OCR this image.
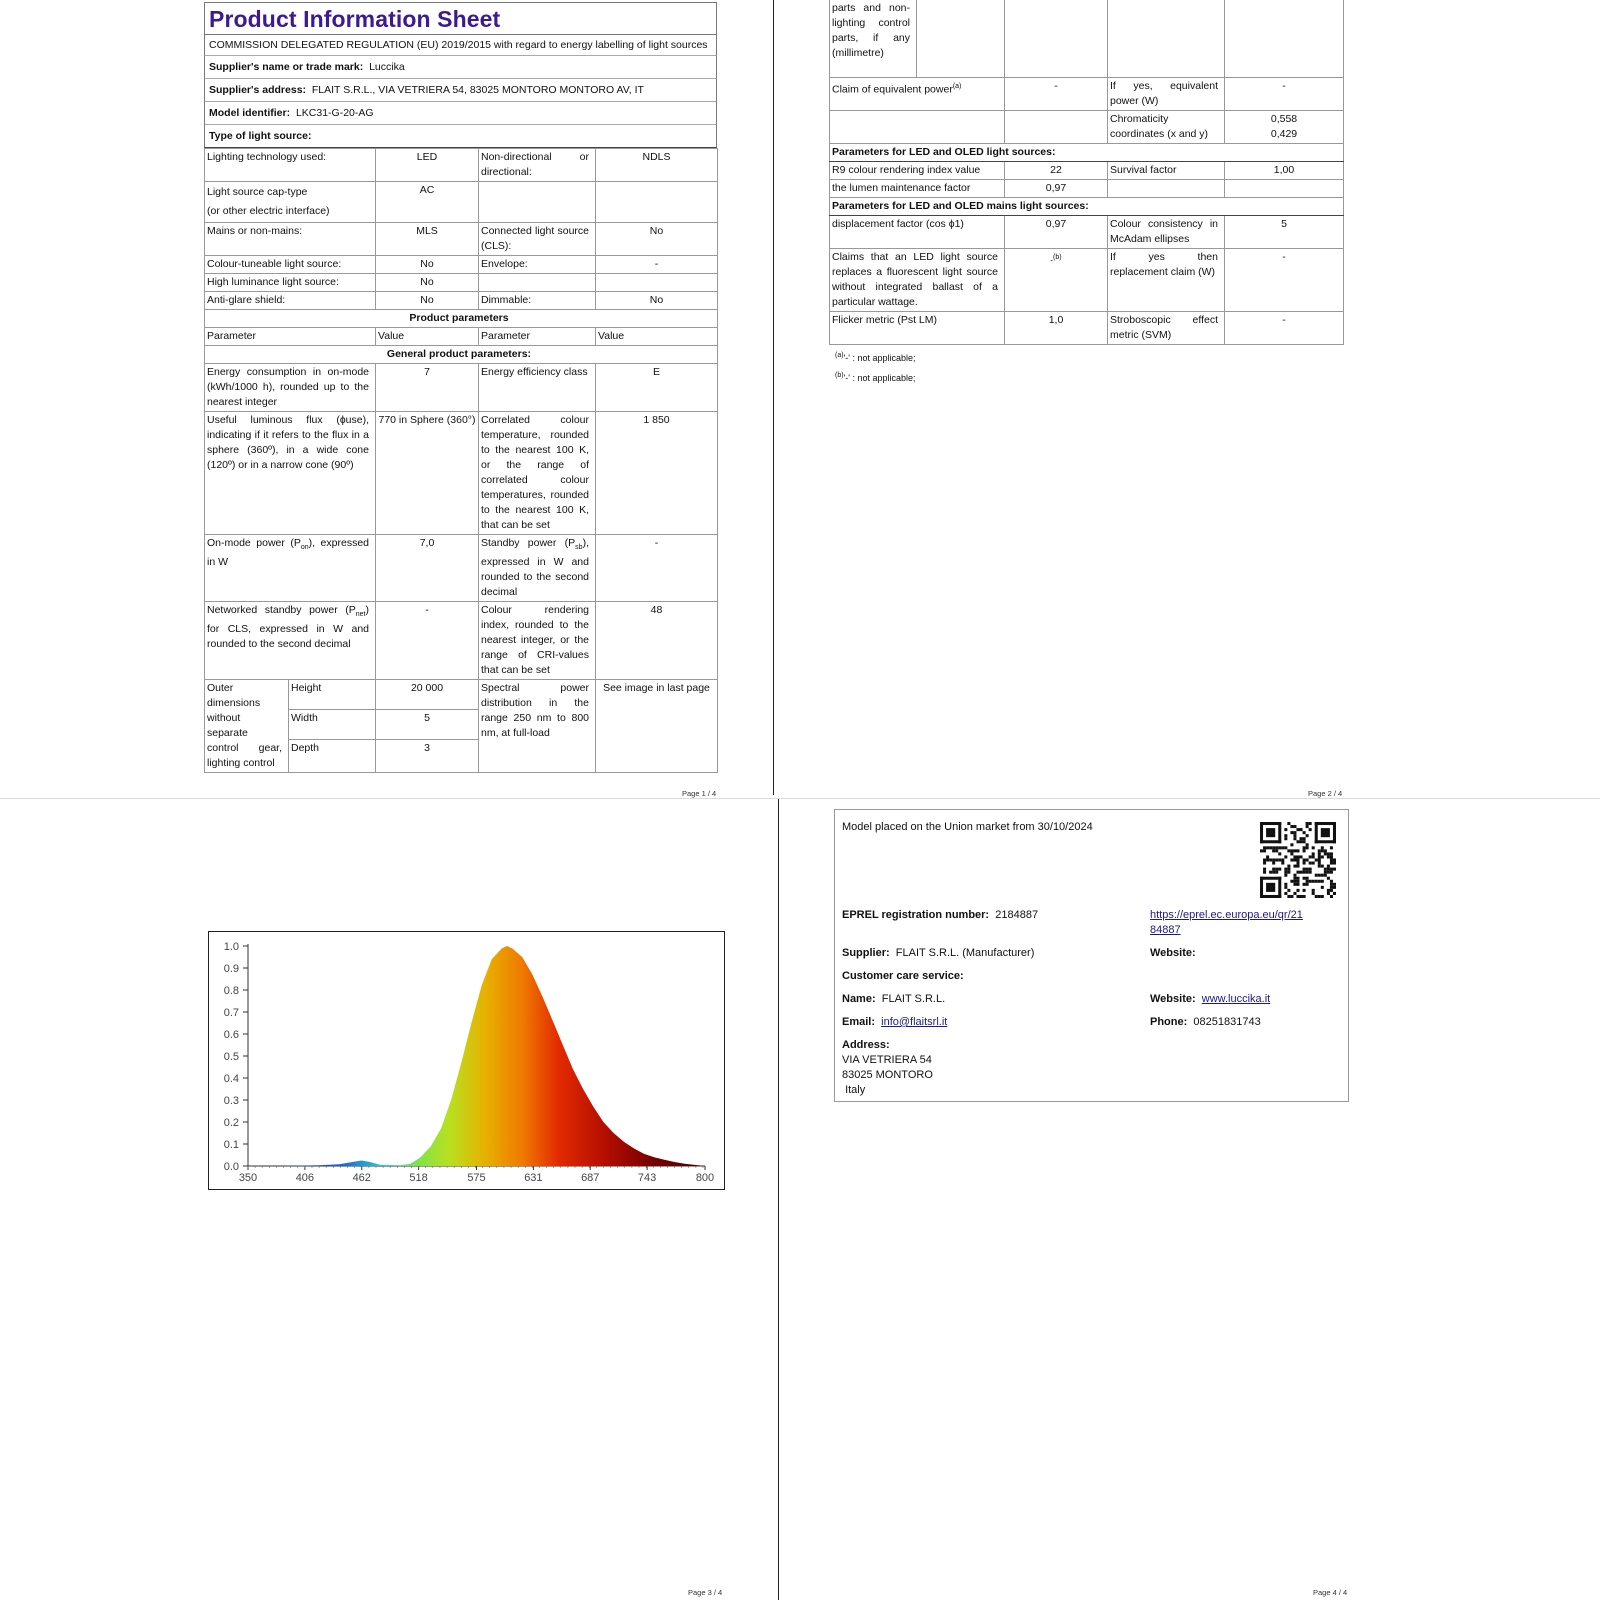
Product Information Sheet
COMMISSION DELEGATED REGULATION (EU) 2019/2015 with regard to energy labelling of light sources
Supplier's name or trade mark: Luccika
Supplier's address: FLAIT S.R.L., VIA VETRIERA 54, 83025 MONTORO MONTORO AV, IT
Model identifier: LKC31-G-20-AG
Type of light source:
Lighting technology used:		LED	Non-directional or directional:	NDLS
Light source cap-type
(or other electric interface)		AC		
Mains or non-mains:		MLS	Connected light source (CLS):	No
Colour-tuneable light source:		No	Envelope:	-
High luminance light source:		No		
Anti-glare shield:		No	Dimmable:	No
Product parameters				
Parameter		Value	Parameter	Value
General product parameters:				
Energy consumption in on-mode (kWh/1000 h), rounded up to the nearest integer		7	Energy efficiency class	E
Useful luminous flux (ɸuse), indicating if it refers to the flux in a sphere (360º), in a wide cone (120º) or in a narrow cone (90º)		770 in Sphere (360°)	Correlated colour temperature, rounded to the nearest 100 K, or the range of correlated colour temperatures, rounded to the nearest 100 K, that can be set	1 850
On-mode power $(P_{on})$, expressed in W		7,0	Standby power $(P_{sb})$, expressed in W and rounded to the second decimal	-
Networked standby power $(P_{net})$ for CLS, expressed in W and rounded to the second decimal		-	Colour rendering index, rounded to the nearest integer, or the range of CRI-values that can be set	48
Outer dimensions without separate control gear, lighting control	Height	20 000	Spectral power distribution in the range 250 nm to 800 nm, at full-load	See image in last page
	Width	5		
	Depth	3		
Page 1 / 4
parts and non-lighting control parts, if any (millimetre)				
Claim of equivalent power$^{(a)}$		-	If yes, equivalent power (W)	-
			Chromaticity coordinates (x and y)	0,558
0,429
Parameters for LED and OLED light sources:				
R9 colour rendering index value		22	Survival factor	1,00
the lumen maintenance factor		0,97		
Parameters for LED and OLED mains light sources:				
displacement factor (cos ϕ1)		0,97	Colour consistency in McAdam ellipses	5
Claims that an LED light source replaces a fluorescent light source without integrated ballast of a particular wattage.		-$^{(b)}$	If yes then replacement claim (W)	-
Flicker metric (Pst LM)		1,0	Stroboscopic effect metric (SVM)	-
$^{(a)}$'-' : not applicable;
$^{(b)}$'-' : not applicable;
Page 2 / 4
0.0
0.1
0.2
0.3
0.4
0.5
0.6
0.7
0.8
0.9
1.0
350	406	462	518	575	631	687	743	800
Page 3 / 4
Model placed on the Union market from 30/10/2024
EPREL registration number: 2184887	https://eprel.ec.europa.eu/qr/21
84887
Supplier: FLAIT S.R.L. (Manufacturer)	Website:
Customer care service:
Name: FLAIT S.R.L.	Website: www.luccika.it
Email: info@flaitsrl.it	Phone: 08251831743
Address:
VIA VETRIERA 54
83025 MONTORO
Italy
Page 4 / 4
